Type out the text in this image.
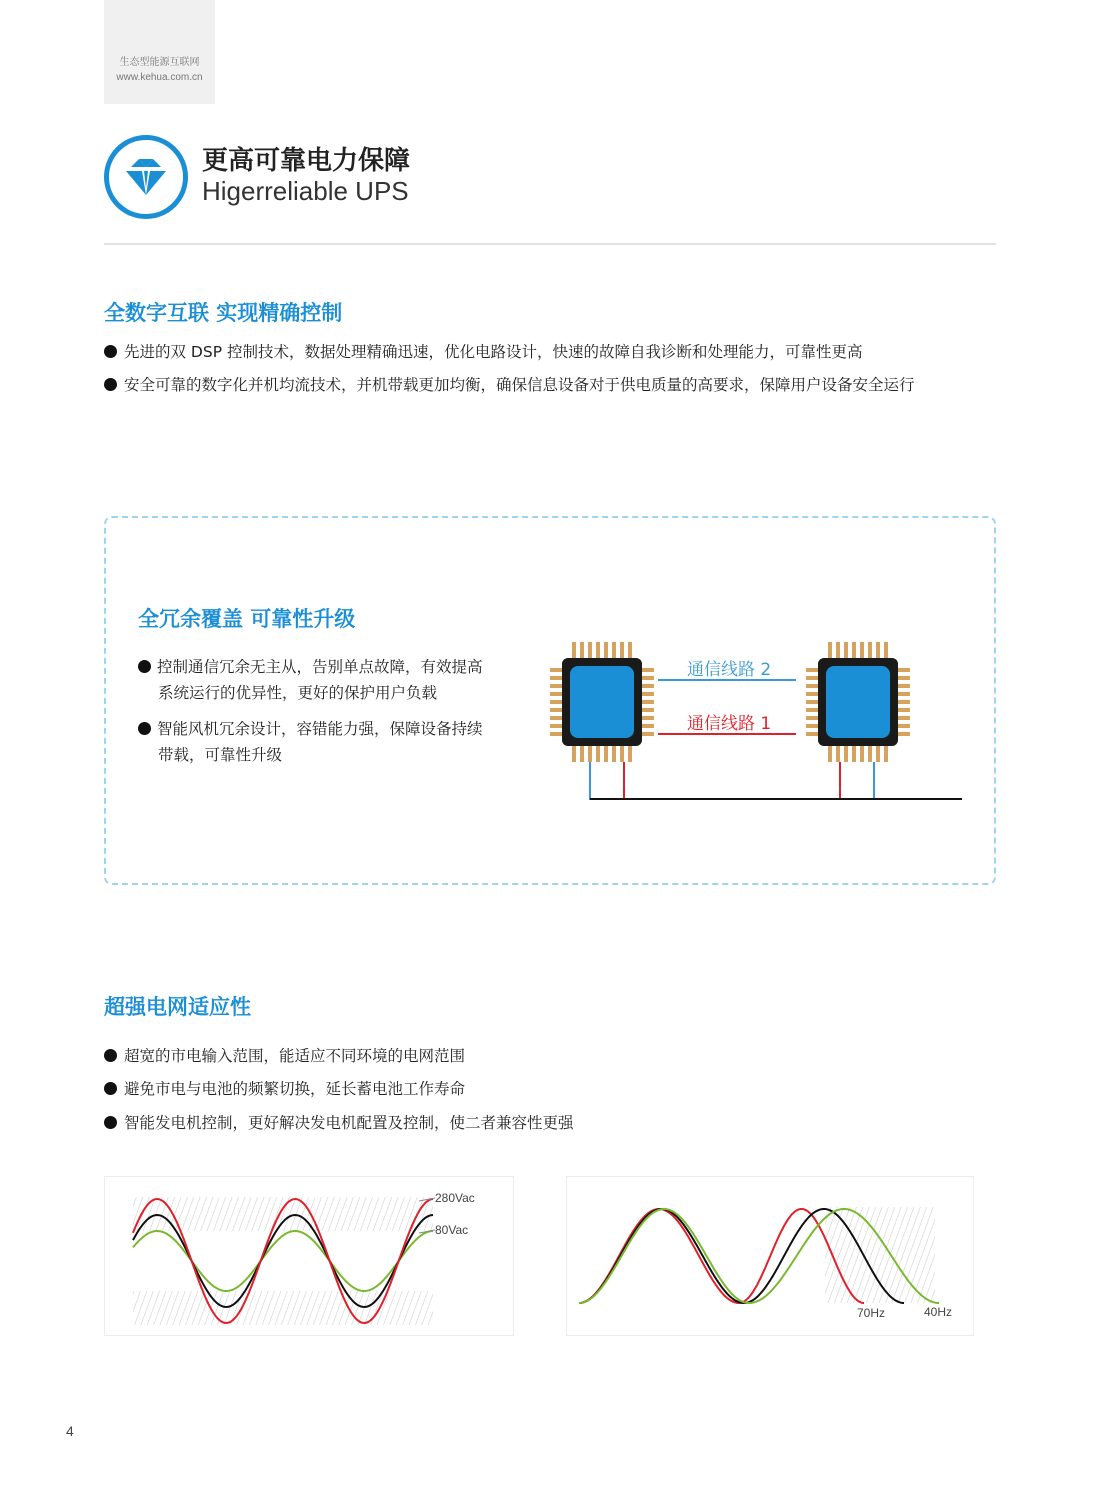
生态型能源互联网
www.kehua.com.cn
更高可靠电力保障
Higerreliable UPS
全数字互联 实现精确控制
先进的双 DSP 控制技术，数据处理精确迅速，优化电路设计，快速的故障自我诊断和处理能力，可靠性更高
安全可靠的数字化并机均流技术，并机带载更加均衡，确保信息设备对于供电质量的高要求，保障用户设备安全运行
全冗余覆盖 可靠性升级
控制通信冗余无主从，告别单点故障，有效提高
系统运行的优异性，更好的保护用户负载
智能风机冗余设计，容错能力强，保障设备持续
带载，可靠性升级
通信线路 2
通信线路 1
超强电网适应性
超宽的市电输入范围，能适应不同环境的电网范围
避免市电与电池的频繁切换，延长蓄电池工作寿命
智能发电机控制，更好解决发电机配置及控制，使二者兼容性更强
280Vac
80Vac
70Hz	40Hz
4
